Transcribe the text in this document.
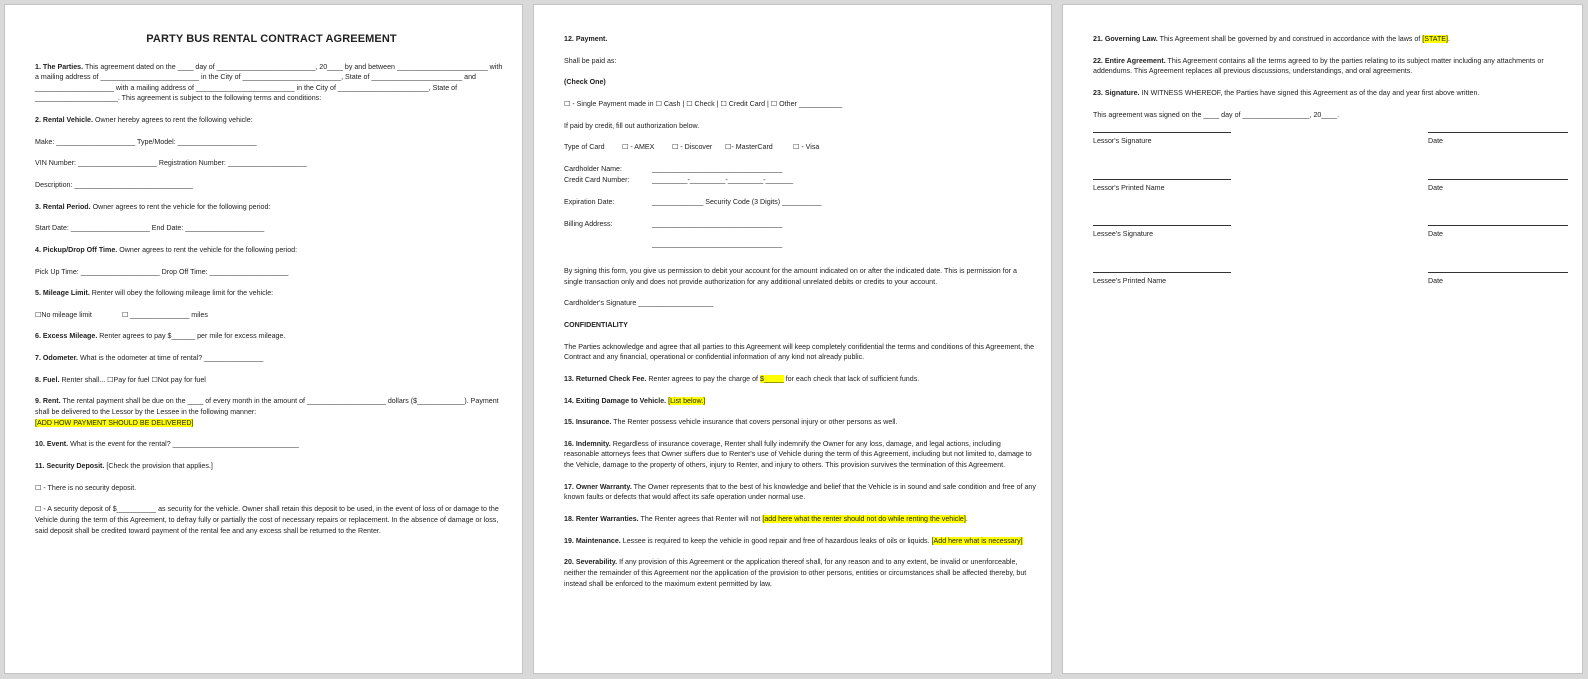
PARTY BUS RENTAL CONTRACT AGREEMENT

1. The Parties. This agreement dated on the ____ day of _________________________, 20____ by and between _______________________ with a mailing address of _________________________ in the City of _________________________, State of _______________________ and ____________________ with a mailing address of _________________________ in the City of _______________________, State of _____________________. This agreement is subject to the following terms and conditions:

2. Rental Vehicle. Owner hereby agrees to rent the following vehicle:

Make: ____________________ Type/Model: ____________________

VIN Number: ____________________ Registration Number: ____________________

Description: ______________________________

3. Rental Period. Owner agrees to rent the vehicle for the following period:

Start Date: ____________________ End Date: ____________________

4. Pickup/Drop Off Time. Owner agrees to rent the vehicle for the following period:

Pick Up Time: ____________________ Drop Off Time: ____________________

5. Mileage Limit. Renter will obey the following mileage limit for the vehicle:

☐No mileage limit	☐ _______________ miles

6. Excess Mileage. Renter agrees to pay $______ per mile for excess mileage.

7. Odometer. What is the odometer at time of rental? _______________

8. Fuel. Renter shall... ☐Pay for fuel ☐Not pay for fuel

9. Rent. The rental payment shall be due on the ____ of every month in the amount of ____________________ dollars ($____________). Payment shall be delivered to the Lessor by the Lessee in the following manner:
[ADD HOW PAYMENT SHOULD BE DELIVERED]

10. Event. What is the event for the rental? ________________________________

11. Security Deposit. [Check the provision that applies.]

☐ - There is no security deposit.

☐ - A security deposit of $__________ as security for the vehicle. Owner shall retain this deposit to be used, in the event of loss of or damage to the Vehicle during the term of this Agreement, to defray fully or partially the cost of necessary repairs or replacement. In the absence of damage or loss, said deposit shall be credited toward payment of the rental fee and any excess shall be returned to the Renter.

12. Payment.

Shall be paid as:

(Check One)

☐ - Single Payment made in ☐ Cash | ☐ Check | ☐ Credit Card | ☐ Other ___________

If paid by credit, fill out authorization below.

Type of Card	☐ - AMEX	☐ - Discover	☐- MasterCard	☐ - Visa

Cardholder Name:	_________________________________
Credit Card Number:	_________-_________-_________-_______
Expiration Date:	_____________ Security Code (3 Digits) __________
Billing Address:	_________________________________
_________________________________

By signing this form, you give us permission to debit your account for the amount indicated on or after the indicated date. This is permission for a single transaction only and does not provide authorization for any additional unrelated debits or credits to your account.

Cardholder's Signature ___________________

CONFIDENTIALITY

The Parties acknowledge and agree that all parties to this Agreement will keep completely confidential the terms and conditions of this Agreement, the Contract and any financial, operational or confidential information of any kind not already public.

13. Returned Check Fee. Renter agrees to pay the charge of $_____ for each check that lack of sufficient funds.

14. Exiting Damage to Vehicle. [List below.]

15. Insurance. The Renter possess vehicle insurance that covers personal injury or other persons as well.

16. Indemnity. Regardless of insurance coverage, Renter shall fully indemnify the Owner for any loss, damage, and legal actions, including reasonable attorneys fees that Owner suffers due to Renter's use of Vehicle during the term of this Agreement, including but not limited to, damage to the Vehicle, damage to the property of others, injury to Renter, and injury to others. This provision survives the termination of this Agreement.

17. Owner Warranty. The Owner represents that to the best of his knowledge and belief that the Vehicle is in sound and safe condition and free of any known faults or defects that would affect its safe operation under normal use.

18. Renter Warranties. The Renter agrees that Renter will not [add here what the renter should not do while renting the vehicle].

19. Maintenance. Lessee is required to keep the vehicle in good repair and free of hazardous leaks of oils or liquids. [Add here what is necessary]

20. Severability. If any provision of this Agreement or the application thereof shall, for any reason and to any extent, be invalid or unenforceable, neither the remainder of this Agreement nor the application of the provision to other persons, entities or circumstances shall be affected thereby, but instead shall be enforced to the maximum extent permitted by law.

21. Governing Law. This Agreement shall be governed by and construed in accordance with the laws of [STATE].

22. Entire Agreement. This Agreement contains all the terms agreed to by the parties relating to its subject matter including any attachments or addendums. This Agreement replaces all previous discussions, understandings, and oral agreements.

23. Signature. IN WITNESS WHEREOF, the Parties have signed this Agreement as of the day and year first above written.

This agreement was signed on the ____ day of _________________, 20____.

Lessor's Signature	Date
Lessor's Printed Name	Date
Lessee's Signature	Date
Lessee's Printed Name	Date
